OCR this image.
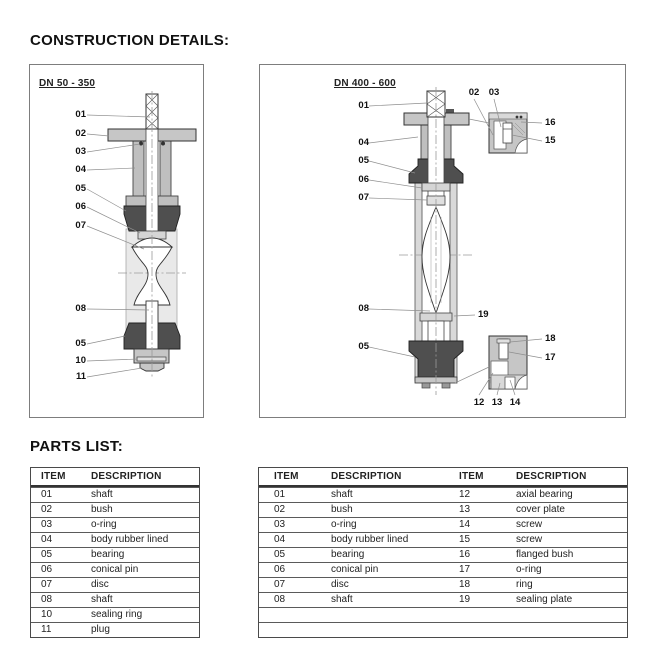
CONSTRUCTION DETAILS:
PARTS LIST:
DN 50 - 350
01
02
03
04
05
06
07
08
05
10
11
DN 400 - 600
01
04
05
06
07
08
05
02 03
16
15
19
18
17
12 13 14
ITEM	DESCRIPTION
01	shaft
02	bush
03	o-ring
04	body rubber lined
05	bearing
06	conical pin
07	disc
08	shaft
10	sealing ring
11	plug
ITEM	DESCRIPTION	ITEM	DESCRIPTION
01	shaft	12	axial bearing
02	bush	13	cover plate
03	o-ring	14	screw
04	body rubber lined	15	screw
05	bearing	16	flanged bush
06	conical pin	17	o-ring
07	disc	18	ring
08	shaft	19	sealing plate
